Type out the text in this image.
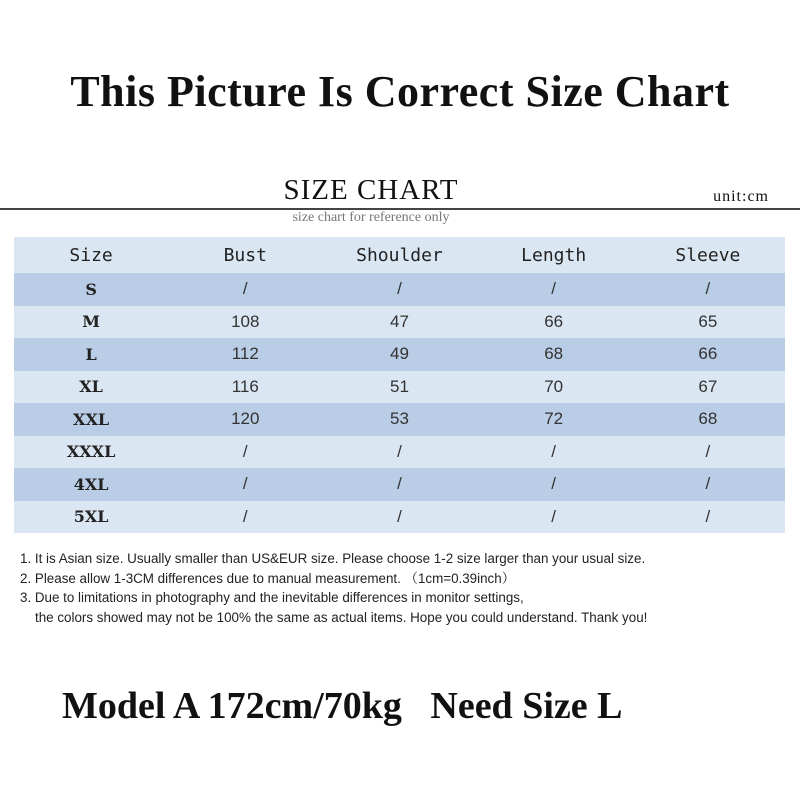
This Picture Is Correct Size Chart
SIZE CHART	unit:cm
size chart for reference only
Size	Bust	Shoulder	Length	Sleeve
S	/	/	/	/
M	108	47	66	65
L	112	49	68	66
XL	116	51	70	67
XXL	120	53	72	68
XXXL	/	/	/	/
4XL	/	/	/	/
5XL	/	/	/	/
1. It is Asian size. Usually smaller than US&EUR size. Please choose 1-2 size larger than your usual size.
2. Please allow 1-3CM differences due to manual measurement. （1cm=0.39inch）
3. Due to limitations in photography and the inevitable differences in monitor settings,
the colors showed may not be 100% the same as actual items. Hope you could understand. Thank you!
Model A 172cm/70kg   Need Size L
